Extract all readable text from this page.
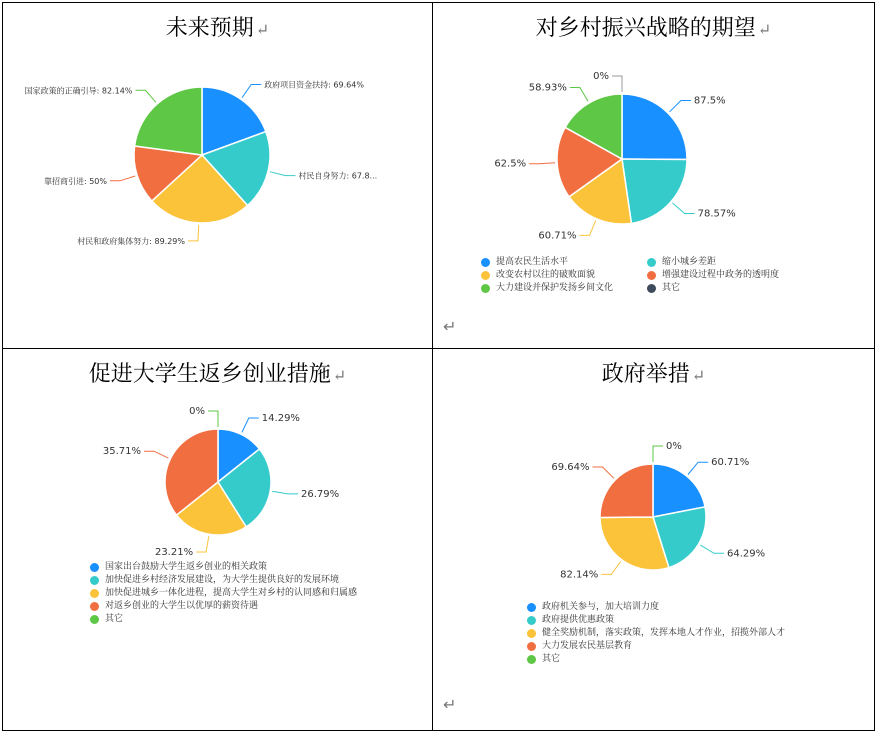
未来预期 ↵
政府项目资金扶持: 69.64%
村民自身努力: 67.8...
村民和政府集体努力: 89.29%
靠招商引进: 50%
国家政策的正确引导: 82.14%
对乡村振兴战略的期望 ↵
87.5%
78.57%
60.71%
62.5%
58.93%
0%
提高农民生活水平	缩小城乡差距
改变农村以往的破败面貌	增强建设过程中政务的透明度
大力建设并保护发扬乡间文化	其它
↵
促进大学生返乡创业措施 ↵
14.29%
26.79%
23.21%
35.71%
0%
国家出台鼓励大学生返乡创业的相关政策
加快促进乡村经济发展建设，为大学生提供良好的发展环境
加快促进城乡一体化进程，提高大学生对乡村的认同感和归属感
对返乡创业的大学生以优厚的薪资待遇
其它
政府举措 ↵
60.71%
64.29%
82.14%
69.64%
0%
政府机关参与，加大培训力度
政府提供优惠政策
健全奖励机制，落实政策，发挥本地人才作业，招揽外部人才
大力发展农民基层教育
其它
↵
